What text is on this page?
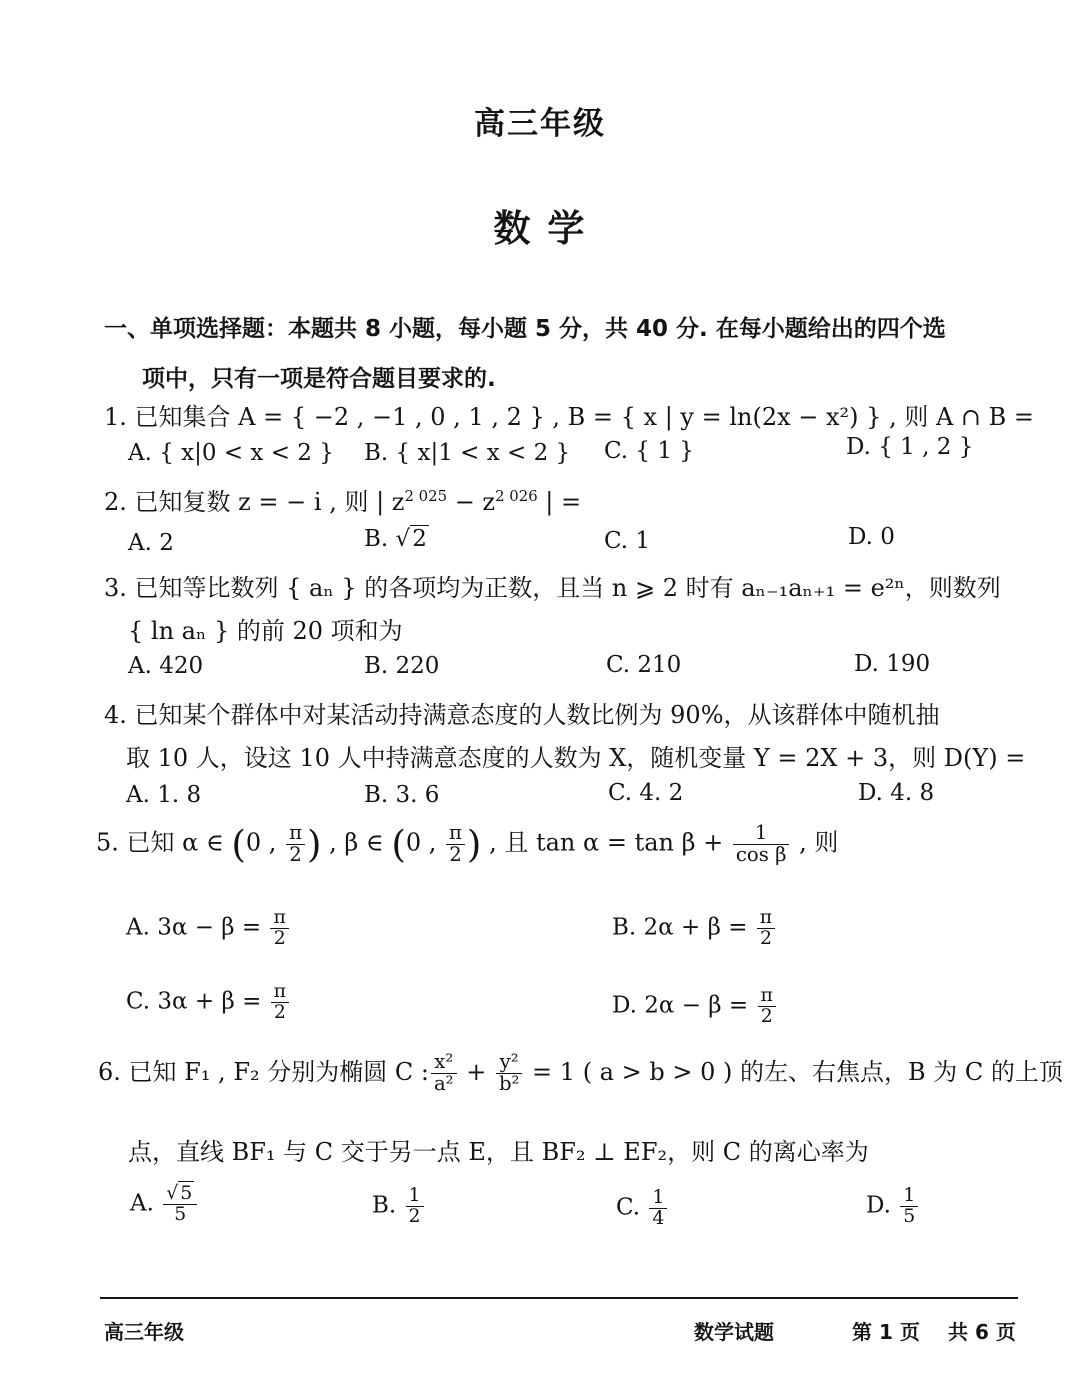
高三年级
数 学
一、单项选择题：本题共 8 小题，每小题 5 分，共 40 分. 在每小题给出的四个选
项中，只有一项是符合题目要求的.
1. 已知集合 A = { −2 , −1 , 0 , 1 , 2 } , B = { x | y = ln(2x − x²) } , 则 A ∩ B =
A. { x|0 < x < 2 } B. { x|1 < x < 2 } C. { 1 }	D. { 1 , 2 }
2. 已知复数 z = − i , 则 | $z^{2 025} - z^{2 026}$ | =
A. 2	B. √2	C. 1	D. 0
3. 已知等比数列 { aₙ } 的各项均为正数，且当 n ⩾ 2 时有 aₙ₋₁aₙ₊₁ = e²ⁿ，则数列
{ ln aₙ } 的前 20 项和为
A. 420	B. 220	C. 210	D. 190
4. 已知某个群体中对某活动持满意态度的人数比例为 90%，从该群体中随机抽
取 10 人，设这 10 人中持满意态度的人数为 X，随机变量 Y = 2X + 3，则 D(Y) =
A. 1. 8	B. 3. 6	C. 4. 2	D. 4. 8
5. 已知 α ∈ (0 , $\frac{\pi}{2}$ ) , β ∈ (0 , $\frac{\pi}{2}$ ) , 且 $\tan \alpha = \tan \beta + \frac{1}{\text{cos β}}$ , 则
A. $3\alpha - \beta = \frac{\pi}{2}$	B. $2\alpha + \beta = \frac{\pi}{2}$
C. $3\alpha + \beta = \frac{\pi}{2}$	D. $2\alpha - \beta = \frac{\pi}{2}$
6. 已知 F₁ , F₂ 分别为椭圆 C : $\frac{\text{x²}}{\text{a²}} + \frac{\text{y²}}{\text{b²}} = 1$ ( a > b > 0 ) 的左、右焦点，B 为 C 的上顶
点，直线 BF₁ 与 C 交于另一点 E，且 BF₂ ⊥ EF₂，则 C 的离心率为
A. $\frac{√ 5}{5}$	B. $\frac{1}{2}$	C. $\frac{1}{4}$	D. $\frac{1}{5}$
高三年级	数学试题	第 1 页 共 6 页
